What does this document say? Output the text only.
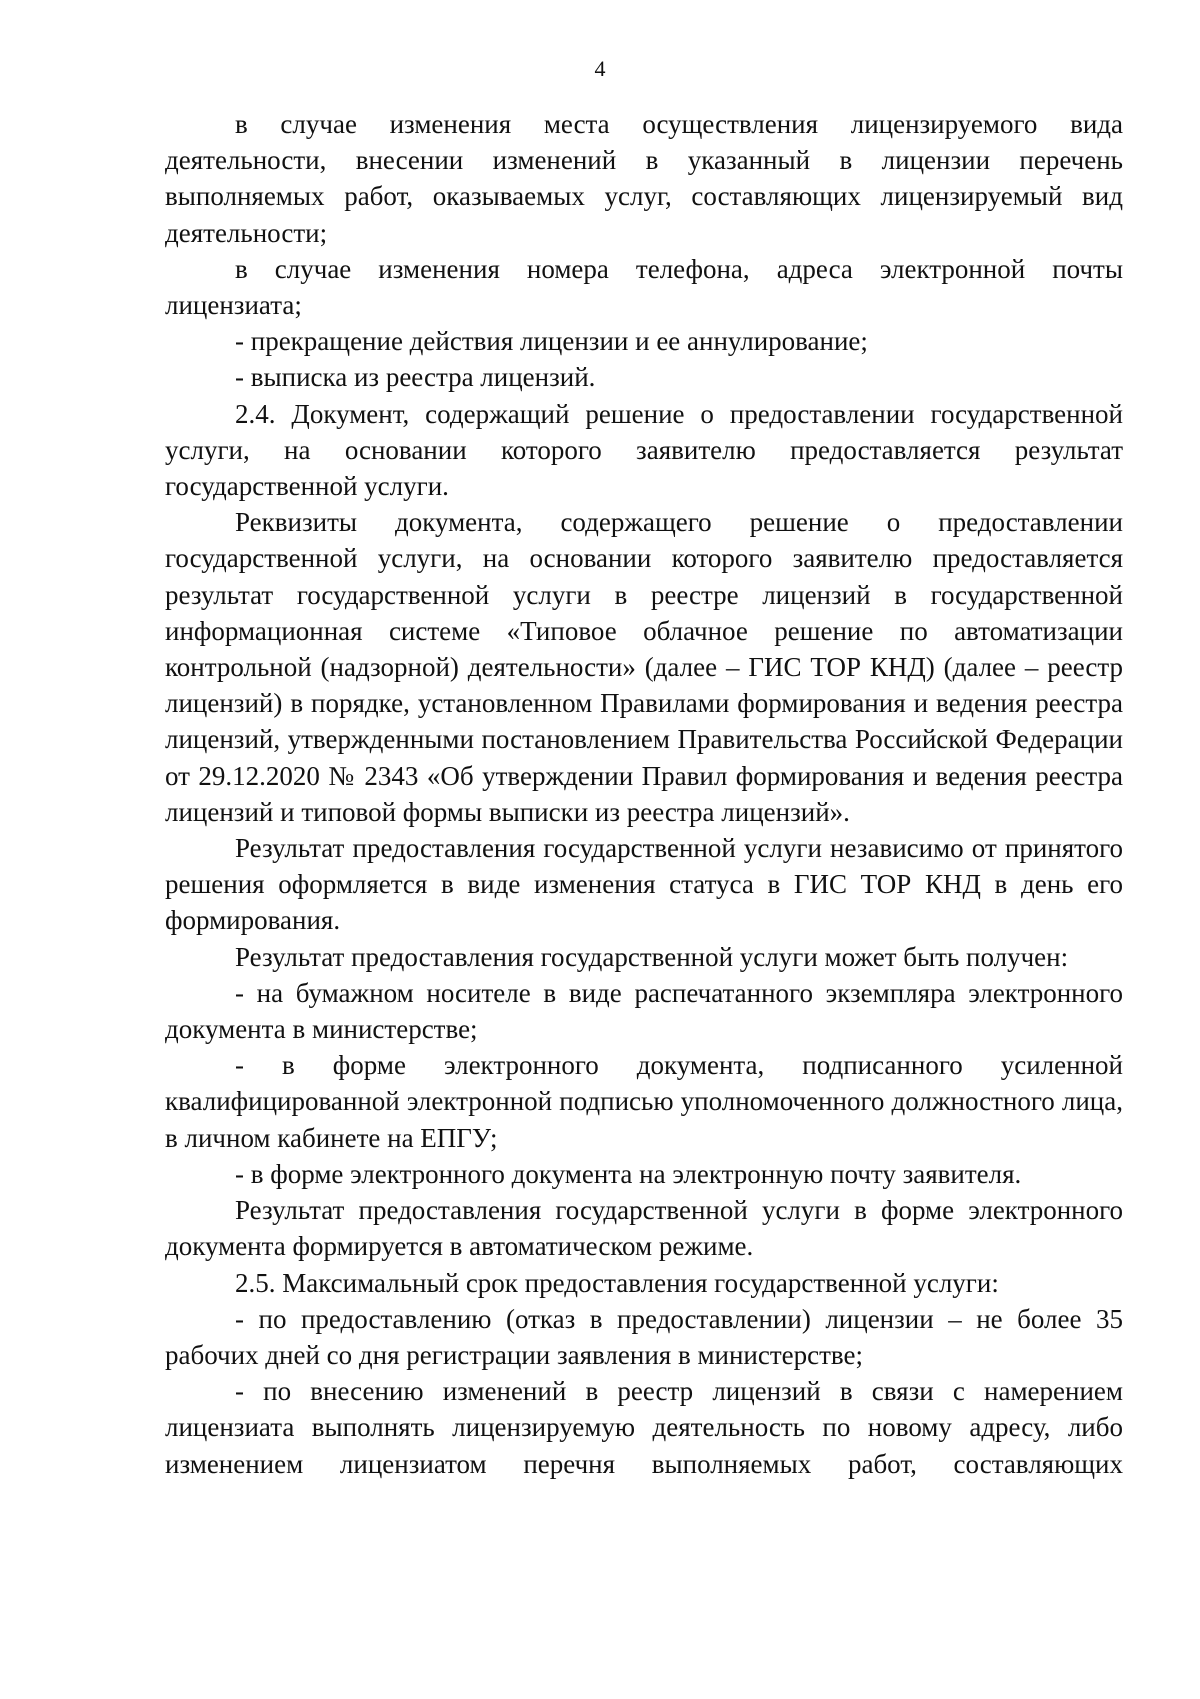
4

в случае изменения места осуществления лицензируемого вида деятельности, внесении изменений в указанный в лицензии перечень выполняемых работ, оказываемых услуг, составляющих лицензируемый вид деятельности;

в случае изменения номера телефона, адреса электронной почты лицензиата;

- прекращение действия лицензии и ее аннулирование;

- выписка из реестра лицензий.

2.4. Документ, содержащий решение о предоставлении государственной услуги, на основании которого заявителю предоставляется результат государственной услуги.

Реквизиты документа, содержащего решение о предоставлении государственной услуги, на основании которого заявителю предоставляется результат государственной услуги в реестре лицензий в государственной информационная системе «Типовое облачное решение по автоматизации контрольной (надзорной) деятельности» (далее – ГИС ТОР КНД) (далее – реестр лицензий) в порядке, установленном Правилами формирования и ведения реестра лицензий, утвержденными постановлением Правительства Российской Федерации от 29.12.2020 № 2343 «Об утверждении Правил формирования и ведения реестра лицензий и типовой формы выписки из реестра лицензий».

Результат предоставления государственной услуги независимо от принятого решения оформляется в виде изменения статуса в ГИС ТОР КНД в день его формирования.

Результат предоставления государственной услуги может быть получен:

- на бумажном носителе в виде распечатанного экземпляра электронного документа в министерстве;

- в форме электронного документа, подписанного усиленной квалифицированной электронной подписью уполномоченного должностного лица, в личном кабинете на ЕПГУ;

- в форме электронного документа на электронную почту заявителя.

Результат предоставления государственной услуги в форме электронного документа формируется в автоматическом режиме.

2.5. Максимальный срок предоставления государственной услуги:

- по предоставлению (отказ в предоставлении) лицензии – не более 35 рабочих дней со дня регистрации заявления в министерстве;

- по внесению изменений в реестр лицензий в связи с намерением лицензиата выполнять лицензируемую деятельность по новому адресу, либо изменением лицензиатом перечня выполняемых работ, составляющих
